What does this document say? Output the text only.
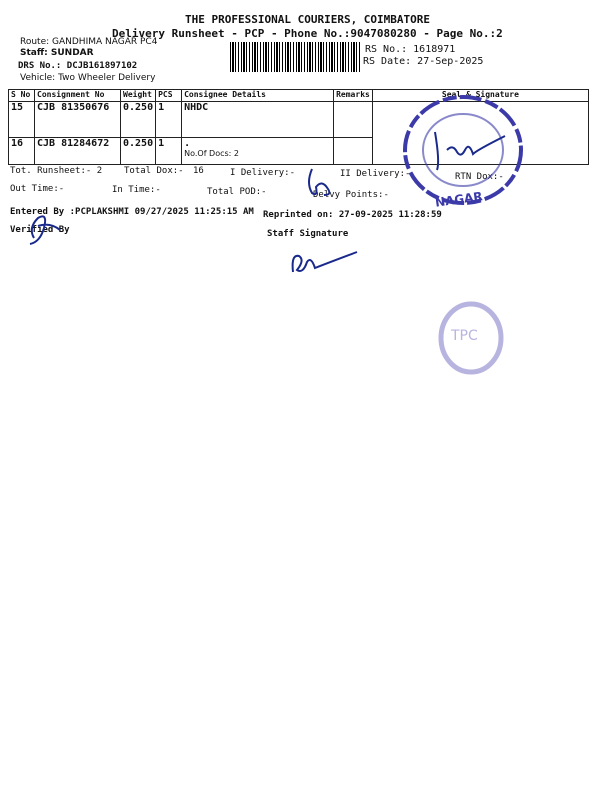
THE PROFESSIONAL COURIERS, COIMBATORE
Delivery Runsheet - PCP - Phone No.:9047080280 - Page No.:2
Route: GANDHIMA NAGAR PC4
Staff: SUNDAR
DRS No.: DCJB161897102
Vehicle: Two Wheeler Delivery
RS No.: 1618971
RS Date: 27-Sep-2025
S No	Consignment No	Weight	PCS	Consignee Details	Remarks	Seal & Signature
15	CJB 81350676	0.250	1	NHDC		
16	CJB 81284672	0.250	1	.
No.Of Docs: 2		

Tot. Runsheet:- 2 Total Dox:- 16	I Delivery:-	II Delivery:-	RTN Dox:-
Out Time:-	In Time:-	Total POD:-	Delvy Points:-
Entered By :PCPLAKSHMI 09/27/2025 11:25:15 AM Reprinted on: 27-09-2025 11:28:59
Verified By	Staff Signature
NAGAR
TPC
